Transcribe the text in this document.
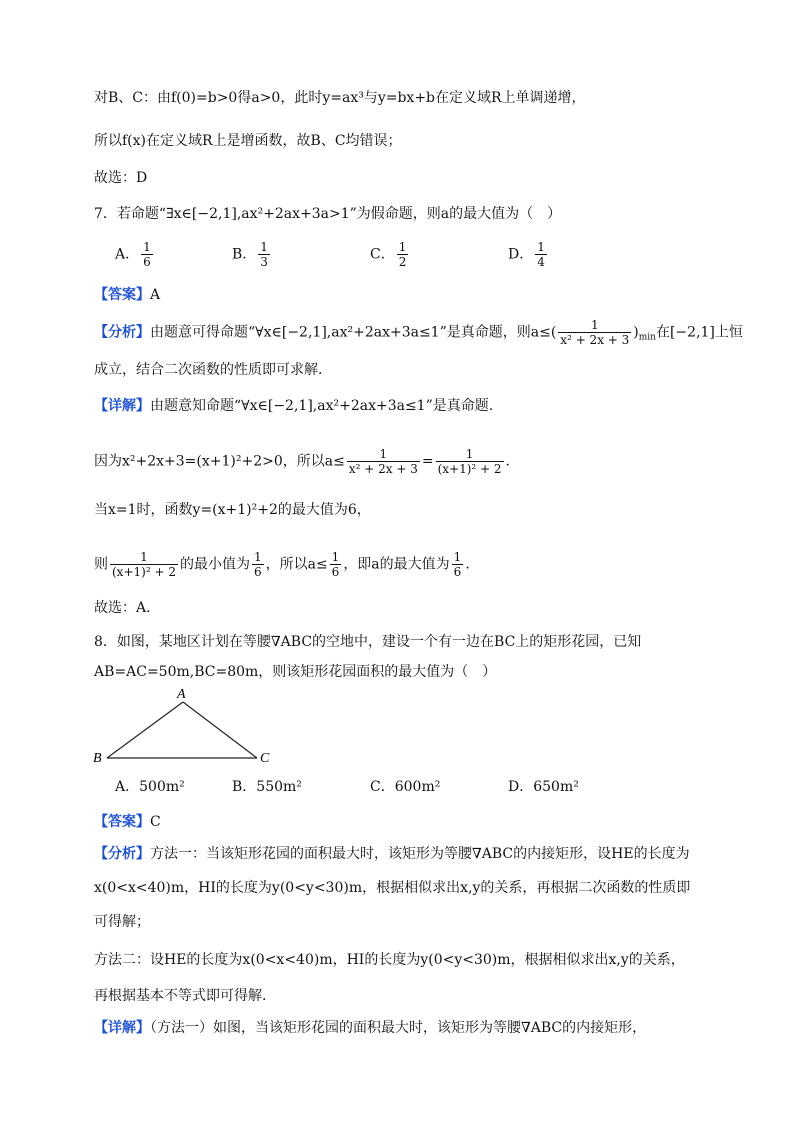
对B、C：由f(0)=b>0得a>0，此时y=ax³与y=bx+b在定义域R上单调递增，
所以f(x)在定义域R上是增函数，故B、C均错误；
故选：D
7．若命题“∃x∈[−2,1],ax²+2ax+3a>1”为假命题，则a的最大值为（　）
A． $\frac{1}{6}$	B． $\frac{1}{3}$	C． $\frac{1}{2}$	D． $\frac{1}{4}$
【答案】A
【分析】由题意可得命题“∀x∈[−2,1],ax²+2ax+3a≤1”是真命题，则$a\le( \frac{1}{\text{x² + 2x + 3}} )_{min}$在[−2,1]上恒
成立，结合二次函数的性质即可求解.
【详解】由题意知命题“∀x∈[−2,1],ax²+2ax+3a≤1”是真命题.
因为x²+2x+3=(x+1)²+2>0，所以$a\le \frac{1}{\text{x² + 2x + 3}} = \frac{1}{\text{(x+1)² + 2}}$ .
当x=1时，函数y=(x+1)²+2的最大值为6，
则 $\frac{1}{\text{(x+1)² + 2}}$ 的最小值为 $\frac{1}{6}$ ，所以$a\le \frac{1}{6}$ ，即a的最大值为 $\frac{1}{6}$ .
故选：A.
8．如图，某地区计划在等腰∇ABC的空地中，建设一个有一边在BC上的矩形花园，已知
AB=AC=50m,BC=80m，则该矩形花园面积的最大值为（　）
A
B	C
A．500m²	B．550m²	C．600m²	D．650m²
【答案】C
【分析】方法一：当该矩形花园的面积最大时，该矩形为等腰∇ABC的内接矩形，设HE的长度为
x(0<x<40)m，HI的长度为y(0<y<30)m，根据相似求出x,y的关系，再根据二次函数的性质即
可得解；
方法二：设HE的长度为x(0<x<40)m，HI的长度为y(0<y<30)m，根据相似求出x,y的关系，
再根据基本不等式即可得解.
【详解】（方法一）如图，当该矩形花园的面积最大时，该矩形为等腰∇ABC的内接矩形，
